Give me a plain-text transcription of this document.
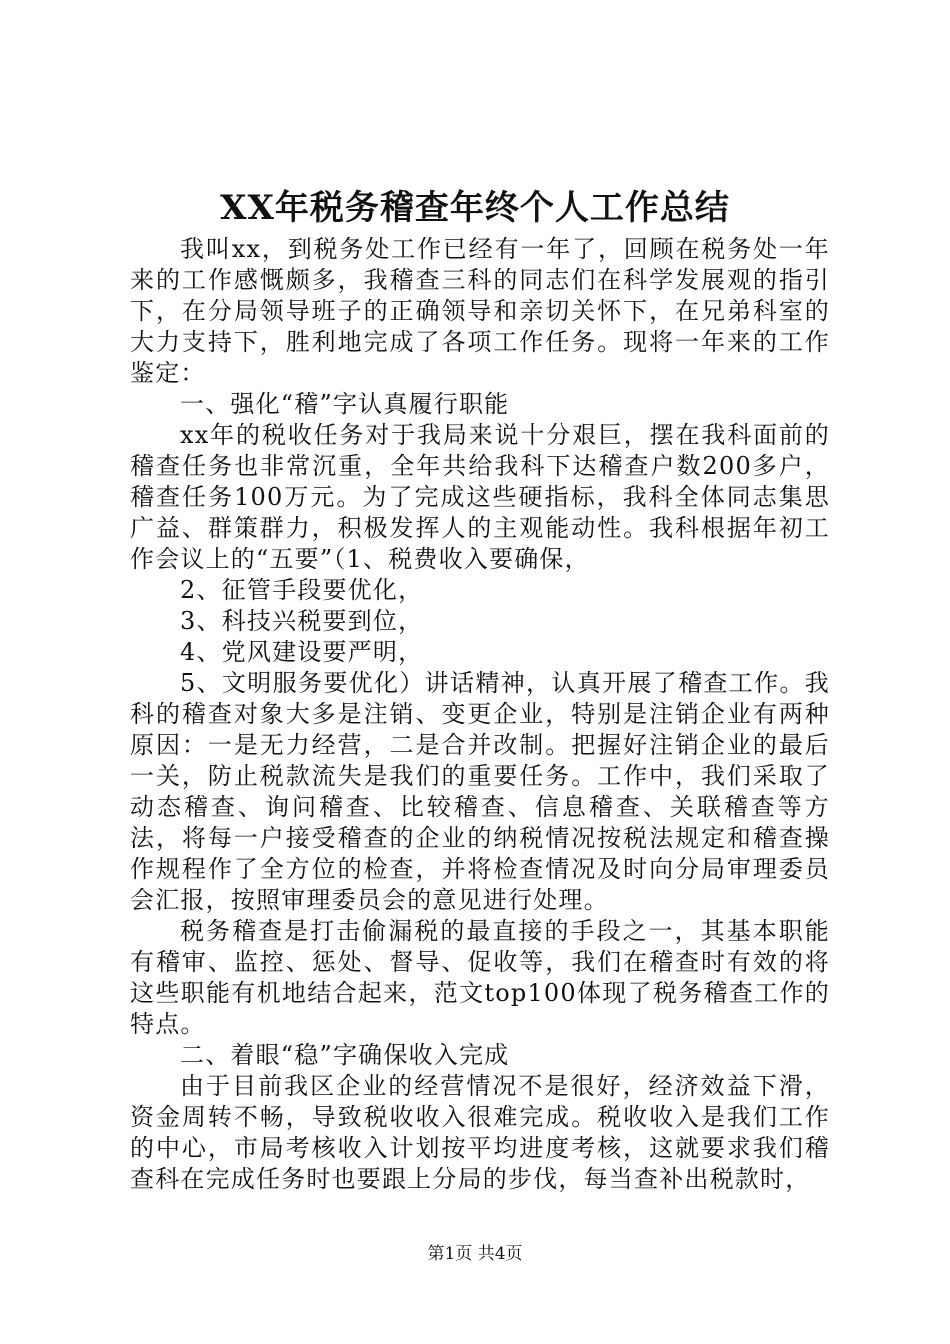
XX年税务稽查年终个人工作总结

我叫xx，到税务处工作已经有一年了，回顾在税务处一年来的工作感慨颇多，我稽查三科的同志们在科学发展观的指引下，在分局领导班子的正确领导和亲切关怀下，在兄弟科室的大力支持下，胜利地完成了各项工作任务。现将一年来的工作鉴定：

一、强化“稽”字认真履行职能

xx年的税收任务对于我局来说十分艰巨，摆在我科面前的稽查任务也非常沉重，全年共给我科下达稽查户数200多户，稽查任务100万元。为了完成这些硬指标，我科全体同志集思广益、群策群力，积极发挥人的主观能动性。我科根据年初工作会议上的“五要”（1、税费收入要确保，

2、征管手段要优化，

3、科技兴税要到位，

4、党风建设要严明，

5、文明服务要优化）讲话精神，认真开展了稽查工作。我科的稽查对象大多是注销、变更企业，特别是注销企业有两种原因：一是无力经营，二是合并改制。把握好注销企业的最后一关，防止税款流失是我们的重要任务。工作中，我们采取了动态稽查、询问稽查、比较稽查、信息稽查、关联稽查等方法，将每一户接受稽查的企业的纳税情况按税法规定和稽查操作规程作了全方位的检查，并将检查情况及时向分局审理委员会汇报，按照审理委员会的意见进行处理。

税务稽查是打击偷漏税的最直接的手段之一，其基本职能有稽审、监控、惩处、督导、促收等，我们在稽查时有效的将这些职能有机地结合起来，范文top100体现了税务稽查工作的特点。

二、着眼“稳”字确保收入完成

由于目前我区企业的经营情况不是很好，经济效益下滑，资金周转不畅，导致税收收入很难完成。税收收入是我们工作的中心，市局考核收入计划按平均进度考核，这就要求我们稽查科在完成任务时也要跟上分局的步伐，每当查补出税款时，

第1页 共4页
